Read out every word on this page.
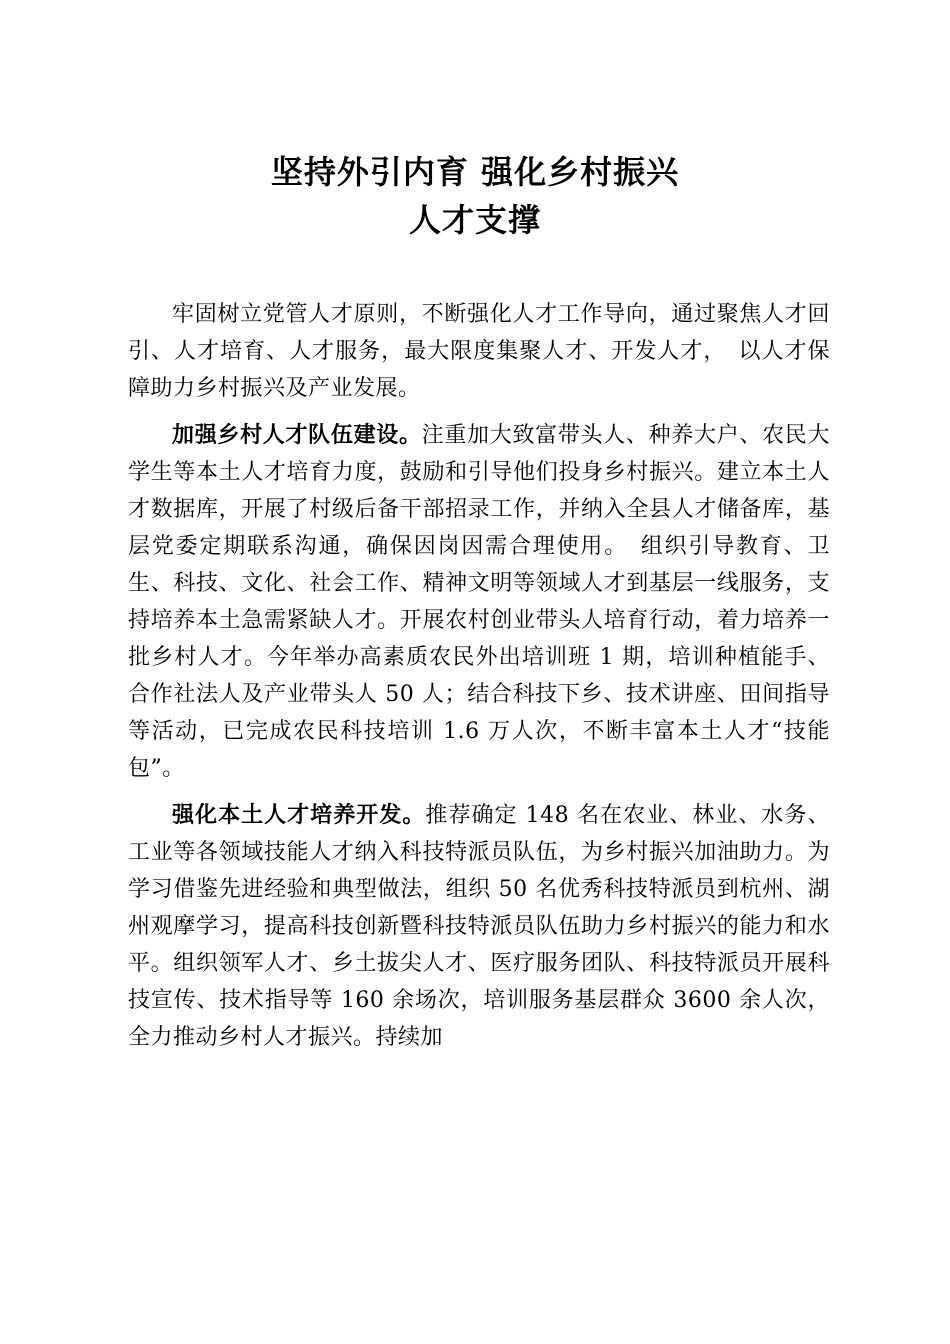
坚持外引内育 强化乡村振兴
人才支撑

牢固树立党管人才原则，不断强化人才工作导向，通过聚焦人才回引、人才培育、人才服务，最大限度集聚人才、开发人才，　以人才保障助力乡村振兴及产业发展。

加强乡村人才队伍建设。注重加大致富带头人、种养大户、农民大学生等本土人才培育力度，鼓励和引导他们投身乡村振兴。建立本土人才数据库，开展了村级后备干部招录工作，并纳入全县人才储备库，基层党委定期联系沟通，确保因岗因需合理使用。　组织引导教育、卫生、科技、文化、社会工作、精神文明等领域人才到基层一线服务，支持培养本土急需紧缺人才。开展农村创业带头人培育行动，着力培养一批乡村人才。今年举办高素质农民外出培训班 1 期，培训种植能手、合作社法人及产业带头人 50 人；结合科技下乡、技术讲座、田间指导等活动，已完成农民科技培训 1.6 万人次，不断丰富本土人才“技能包”。

强化本土人才培养开发。推荐确定 148 名在农业、林业、水务、工业等各领域技能人才纳入科技特派员队伍，为乡村振兴加油助力。为学习借鉴先进经验和典型做法，组织 50 名优秀科技特派员到杭州、湖州观摩学习，提高科技创新暨科技特派员队伍助力乡村振兴的能力和水平。组织领军人才、乡土拔尖人才、医疗服务团队、科技特派员开展科技宣传、技术指导等 160 余场次，培训服务基层群众 3600 余人次，全力推动乡村人才振兴。持续加
